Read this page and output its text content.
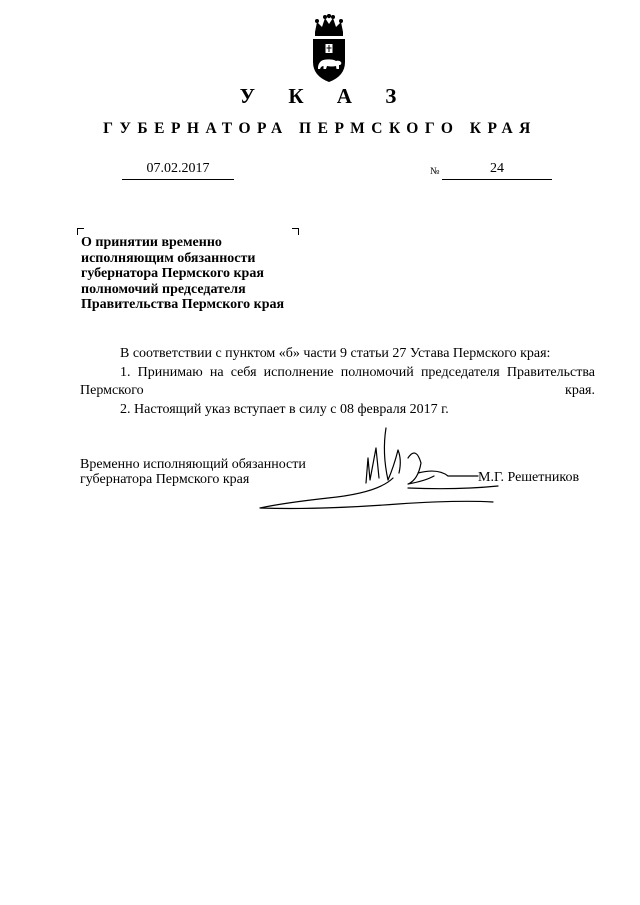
У К А З
ГУБЕРНАТОРА ПЕРМСКОГО КРАЯ
07.02.2017	№	24
О принятии временно
исполняющим обязанности
губернатора Пермского края
полномочий председателя
Правительства Пермского края
В соответствии с пунктом «б» части 9 статьи 27 Устава Пермского края:
1. Принимаю на себя исполнение полномочий председателя Правительства Пермского края.
2. Настоящий указ вступает в силу с 08 февраля 2017 г.
Временно исполняющий обязанности
губернатора Пермского края	М.Г. Решетников
